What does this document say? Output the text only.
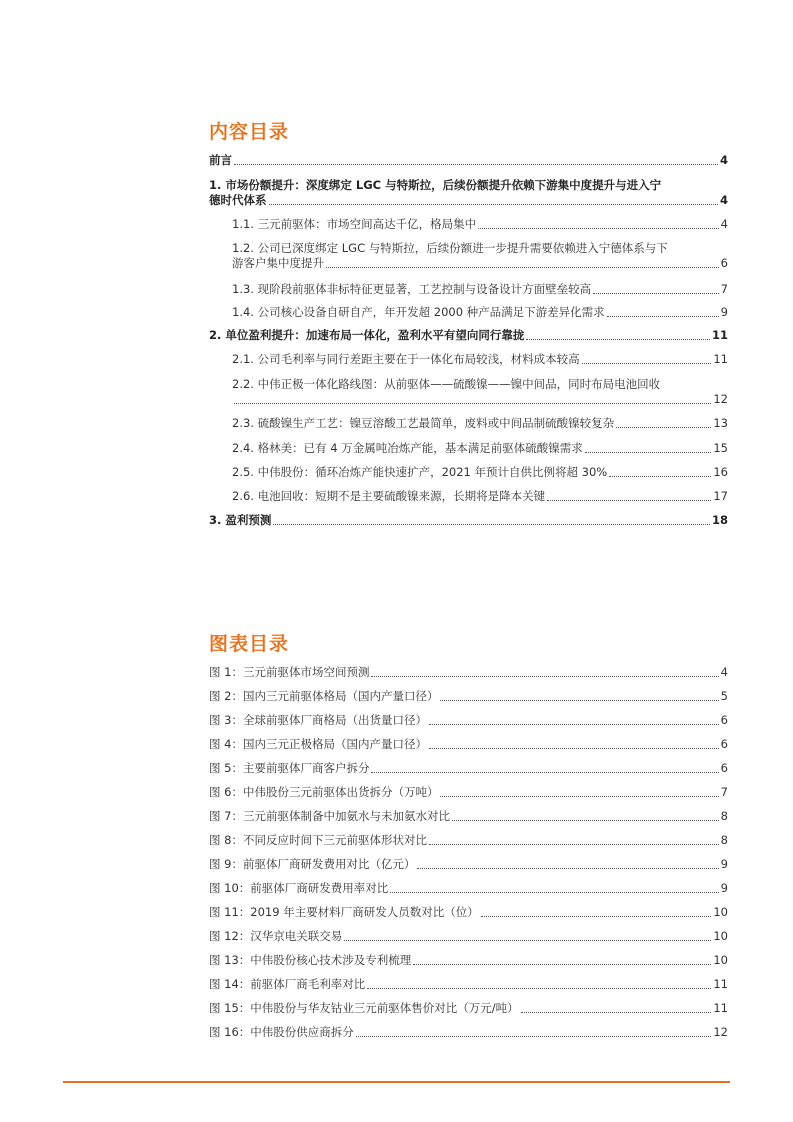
内容目录
前言	4
1. 市场份额提升：深度绑定 LGC 与特斯拉，后续份额提升依赖下游集中度提升与进入宁
德时代体系	4
1.1. 三元前驱体：市场空间高达千亿，格局集中	4
1.2. 公司已深度绑定 LGC 与特斯拉，后续份额进一步提升需要依赖进入宁德体系与下
游客户集中度提升	6
1.3. 现阶段前驱体非标特征更显著，工艺控制与设备设计方面壁垒较高	7
1.4. 公司核心设备自研自产，年开发超 2000 种产品满足下游差异化需求	9
2. 单位盈利提升：加速布局一体化，盈利水平有望向同行靠拢	11
2.1. 公司毛利率与同行差距主要在于一体化布局较浅，材料成本较高	11
2.2. 中伟正极一体化路线图：从前驱体——硫酸镍——镍中间品，同时布局电池回收
12
2.3. 硫酸镍生产工艺：镍豆溶酸工艺最简单，废料或中间品制硫酸镍较复杂	13
2.4. 格林美：已有 4 万金属吨冶炼产能，基本满足前驱体硫酸镍需求	15
2.5. 中伟股份：循环冶炼产能快速扩产，2021 年预计自供比例将超 30%	16
2.6. 电池回收：短期不是主要硫酸镍来源，长期将是降本关键	17
3. 盈利预测	18
图表目录
图 1：三元前驱体市场空间预测	4
图 2：国内三元前驱体格局（国内产量口径）	5
图 3：全球前驱体厂商格局（出货量口径）	6
图 4：国内三元正极格局（国内产量口径）	6
图 5：主要前驱体厂商客户拆分	6
图 6：中伟股份三元前驱体出货拆分（万吨）	7
图 7：三元前驱体制备中加氨水与未加氨水对比	8
图 8：不同反应时间下三元前驱体形状对比	8
图 9：前驱体厂商研发费用对比（亿元）	9
图 10：前驱体厂商研发费用率对比	9
图 11：2019 年主要材料厂商研发人员数对比（位）	10
图 12：汉华京电关联交易	10
图 13：中伟股份核心技术涉及专利梳理	10
图 14：前驱体厂商毛利率对比	11
图 15：中伟股份与华友钴业三元前驱体售价对比（万元/吨）	11
图 16：中伟股份供应商拆分	12
